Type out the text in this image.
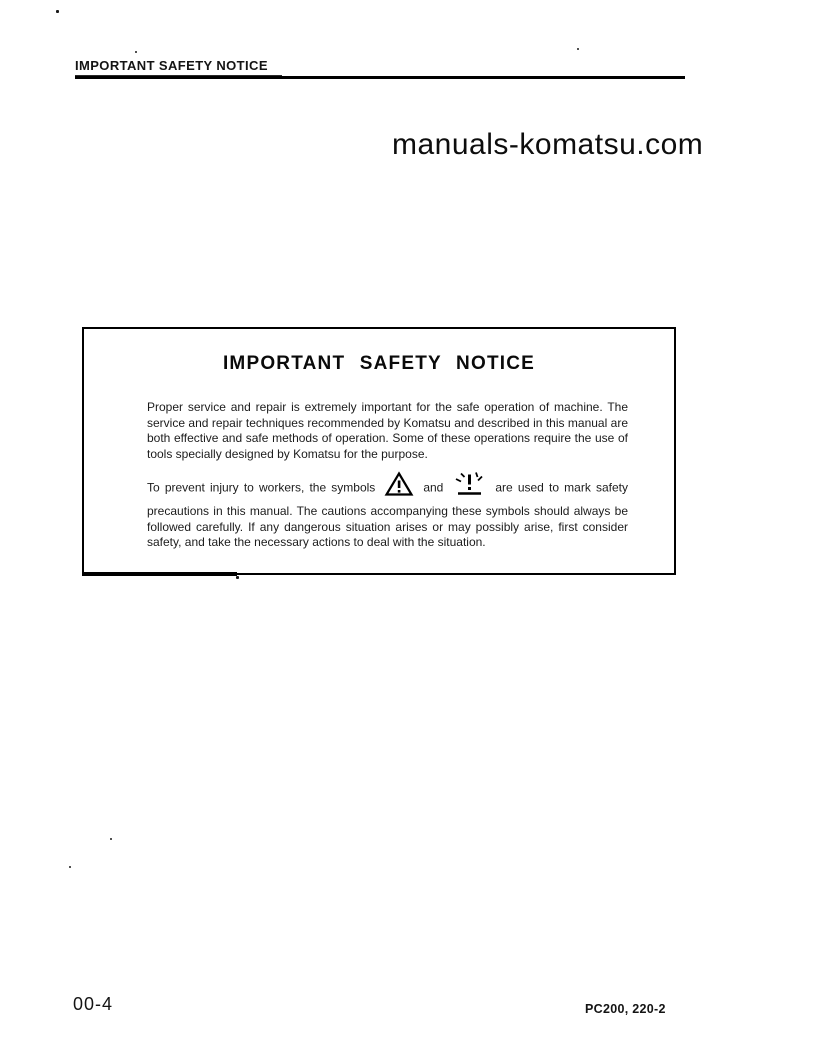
IMPORTANT SAFETY NOTICE
manuals-komatsu.com
IMPORTANT SAFETY NOTICE

Proper service and repair is extremely important for the safe operation of machine. The service and repair techniques recommended by Komatsu and described in this manual are both effective and safe methods of operation. Some of these operations require the use of tools specially designed by Komatsu for the purpose.

To prevent injury to workers, the symbols	and	are used to mark safety precautions in this manual. The cautions accompanying these symbols should always be followed carefully. If any dangerous situation arises or may possibly arise, first consider safety, and take the necessary actions to deal with the situation.

00-4	PC200, 220-2
